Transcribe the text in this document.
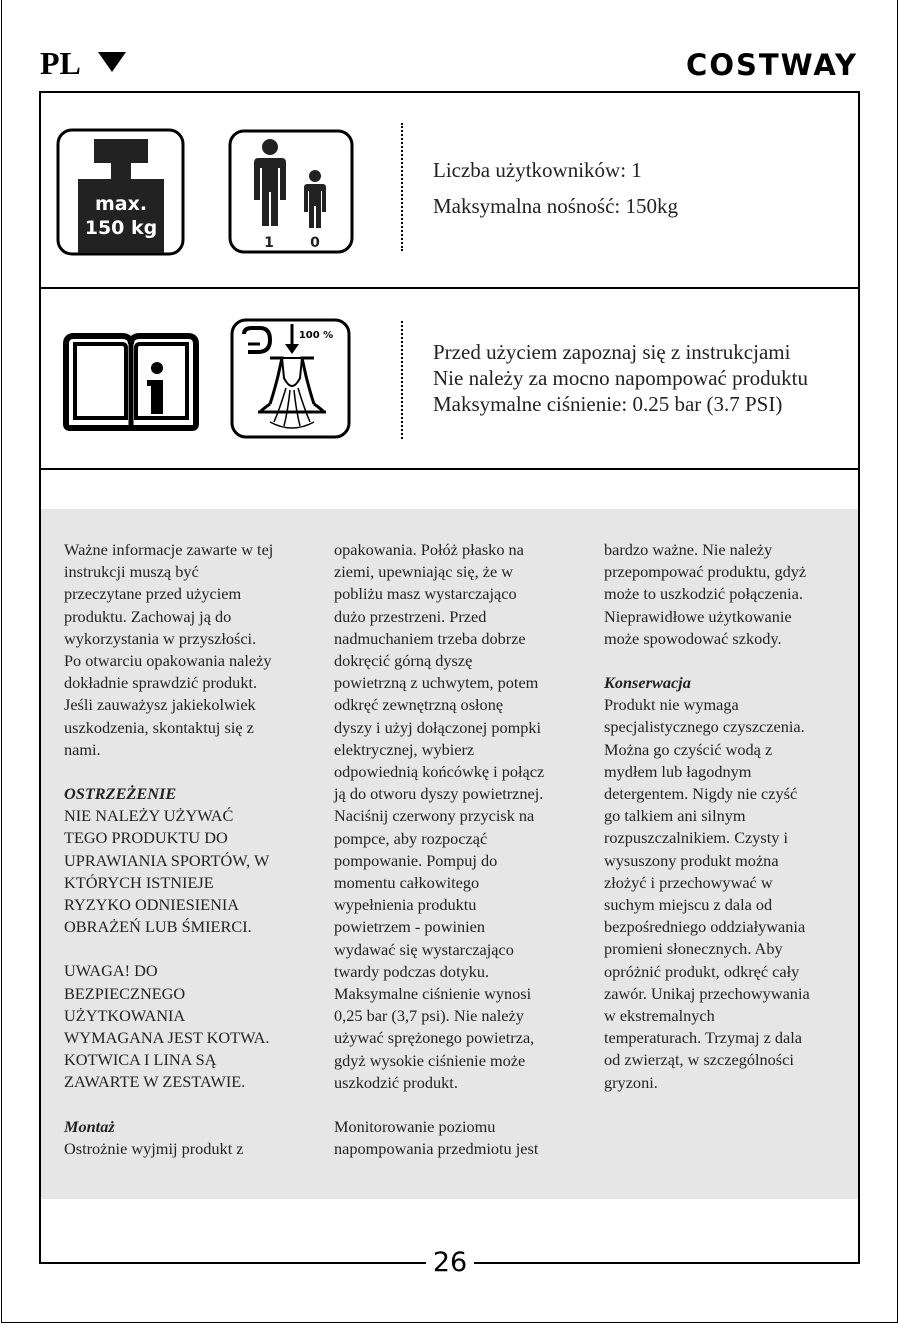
PL	COSTWAY
max.
150 kg
1	0
Liczba użytkowników: 1
Maksymalna nośność: 150kg
100 %
Przed użyciem zapoznaj się z instrukcjami
Nie należy za mocno napompować produktu
Maksymalne ciśnienie: 0.25 bar (3.7 PSI)

Ważne informacje zawarte w tej
instrukcji muszą być
przeczytane przed użyciem
produktu. Zachowaj ją do
wykorzystania w przyszłości.
Po otwarciu opakowania należy
dokładnie sprawdzić produkt.
Jeśli zauważysz jakiekolwiek
uszkodzenia, skontaktuj się z
nami.

OSTRZEŻENIE

NIE NALEŻY UŻYWAĆ
TEGO PRODUKTU DO
UPRAWIANIA SPORTÓW, W
KTÓRYCH ISTNIEJE
RYZYKO ODNIESIENIA
OBRAŻEŃ LUB ŚMIERCI.

UWAGA! DO
BEZPIECZNEGO
UŻYTKOWANIA
WYMAGANA JEST KOTWA.
KOTWICA I LINA SĄ
ZAWARTE W ZESTAWIE.

Montaż

Ostrożnie wyjmij produkt z

opakowania. Połóż płasko na
ziemi, upewniając się, że w
pobliżu masz wystarczająco
dużo przestrzeni. Przed
nadmuchaniem trzeba dobrze
dokręcić górną dyszę
powietrzną z uchwytem, potem
odkręć zewnętrzną osłonę
dyszy i użyj dołączonej pompki
elektrycznej, wybierz
odpowiednią końcówkę i połącz
ją do otworu dyszy powietrznej.
Naciśnij czerwony przycisk na
pompce, aby rozpocząć
pompowanie. Pompuj do
momentu całkowitego
wypełnienia produktu
powietrzem - powinien
wydawać się wystarczająco
twardy podczas dotyku.
Maksymalne ciśnienie wynosi
0,25 bar (3,7 psi). Nie należy
używać sprężonego powietrza,
gdyż wysokie ciśnienie może
uszkodzić produkt.

Monitorowanie poziomu
napompowania przedmiotu jest

bardzo ważne. Nie należy
przepompować produktu, gdyż
może to uszkodzić połączenia.
Nieprawidłowe użytkowanie
może spowodować szkody.

Konserwacja

Produkt nie wymaga
specjalistycznego czyszczenia.
Można go czyścić wodą z
mydłem lub łagodnym
detergentem. Nigdy nie czyść
go talkiem ani silnym
rozpuszczalnikiem. Czysty i
wysuszony produkt można
złożyć i przechowywać w
suchym miejscu z dala od
bezpośredniego oddziaływania
promieni słonecznych. Aby
opróżnić produkt, odkręć cały
zawór. Unikaj przechowywania
w ekstremalnych
temperaturach. Trzymaj z dala
od zwierząt, w szczególności
gryzoni.

26
